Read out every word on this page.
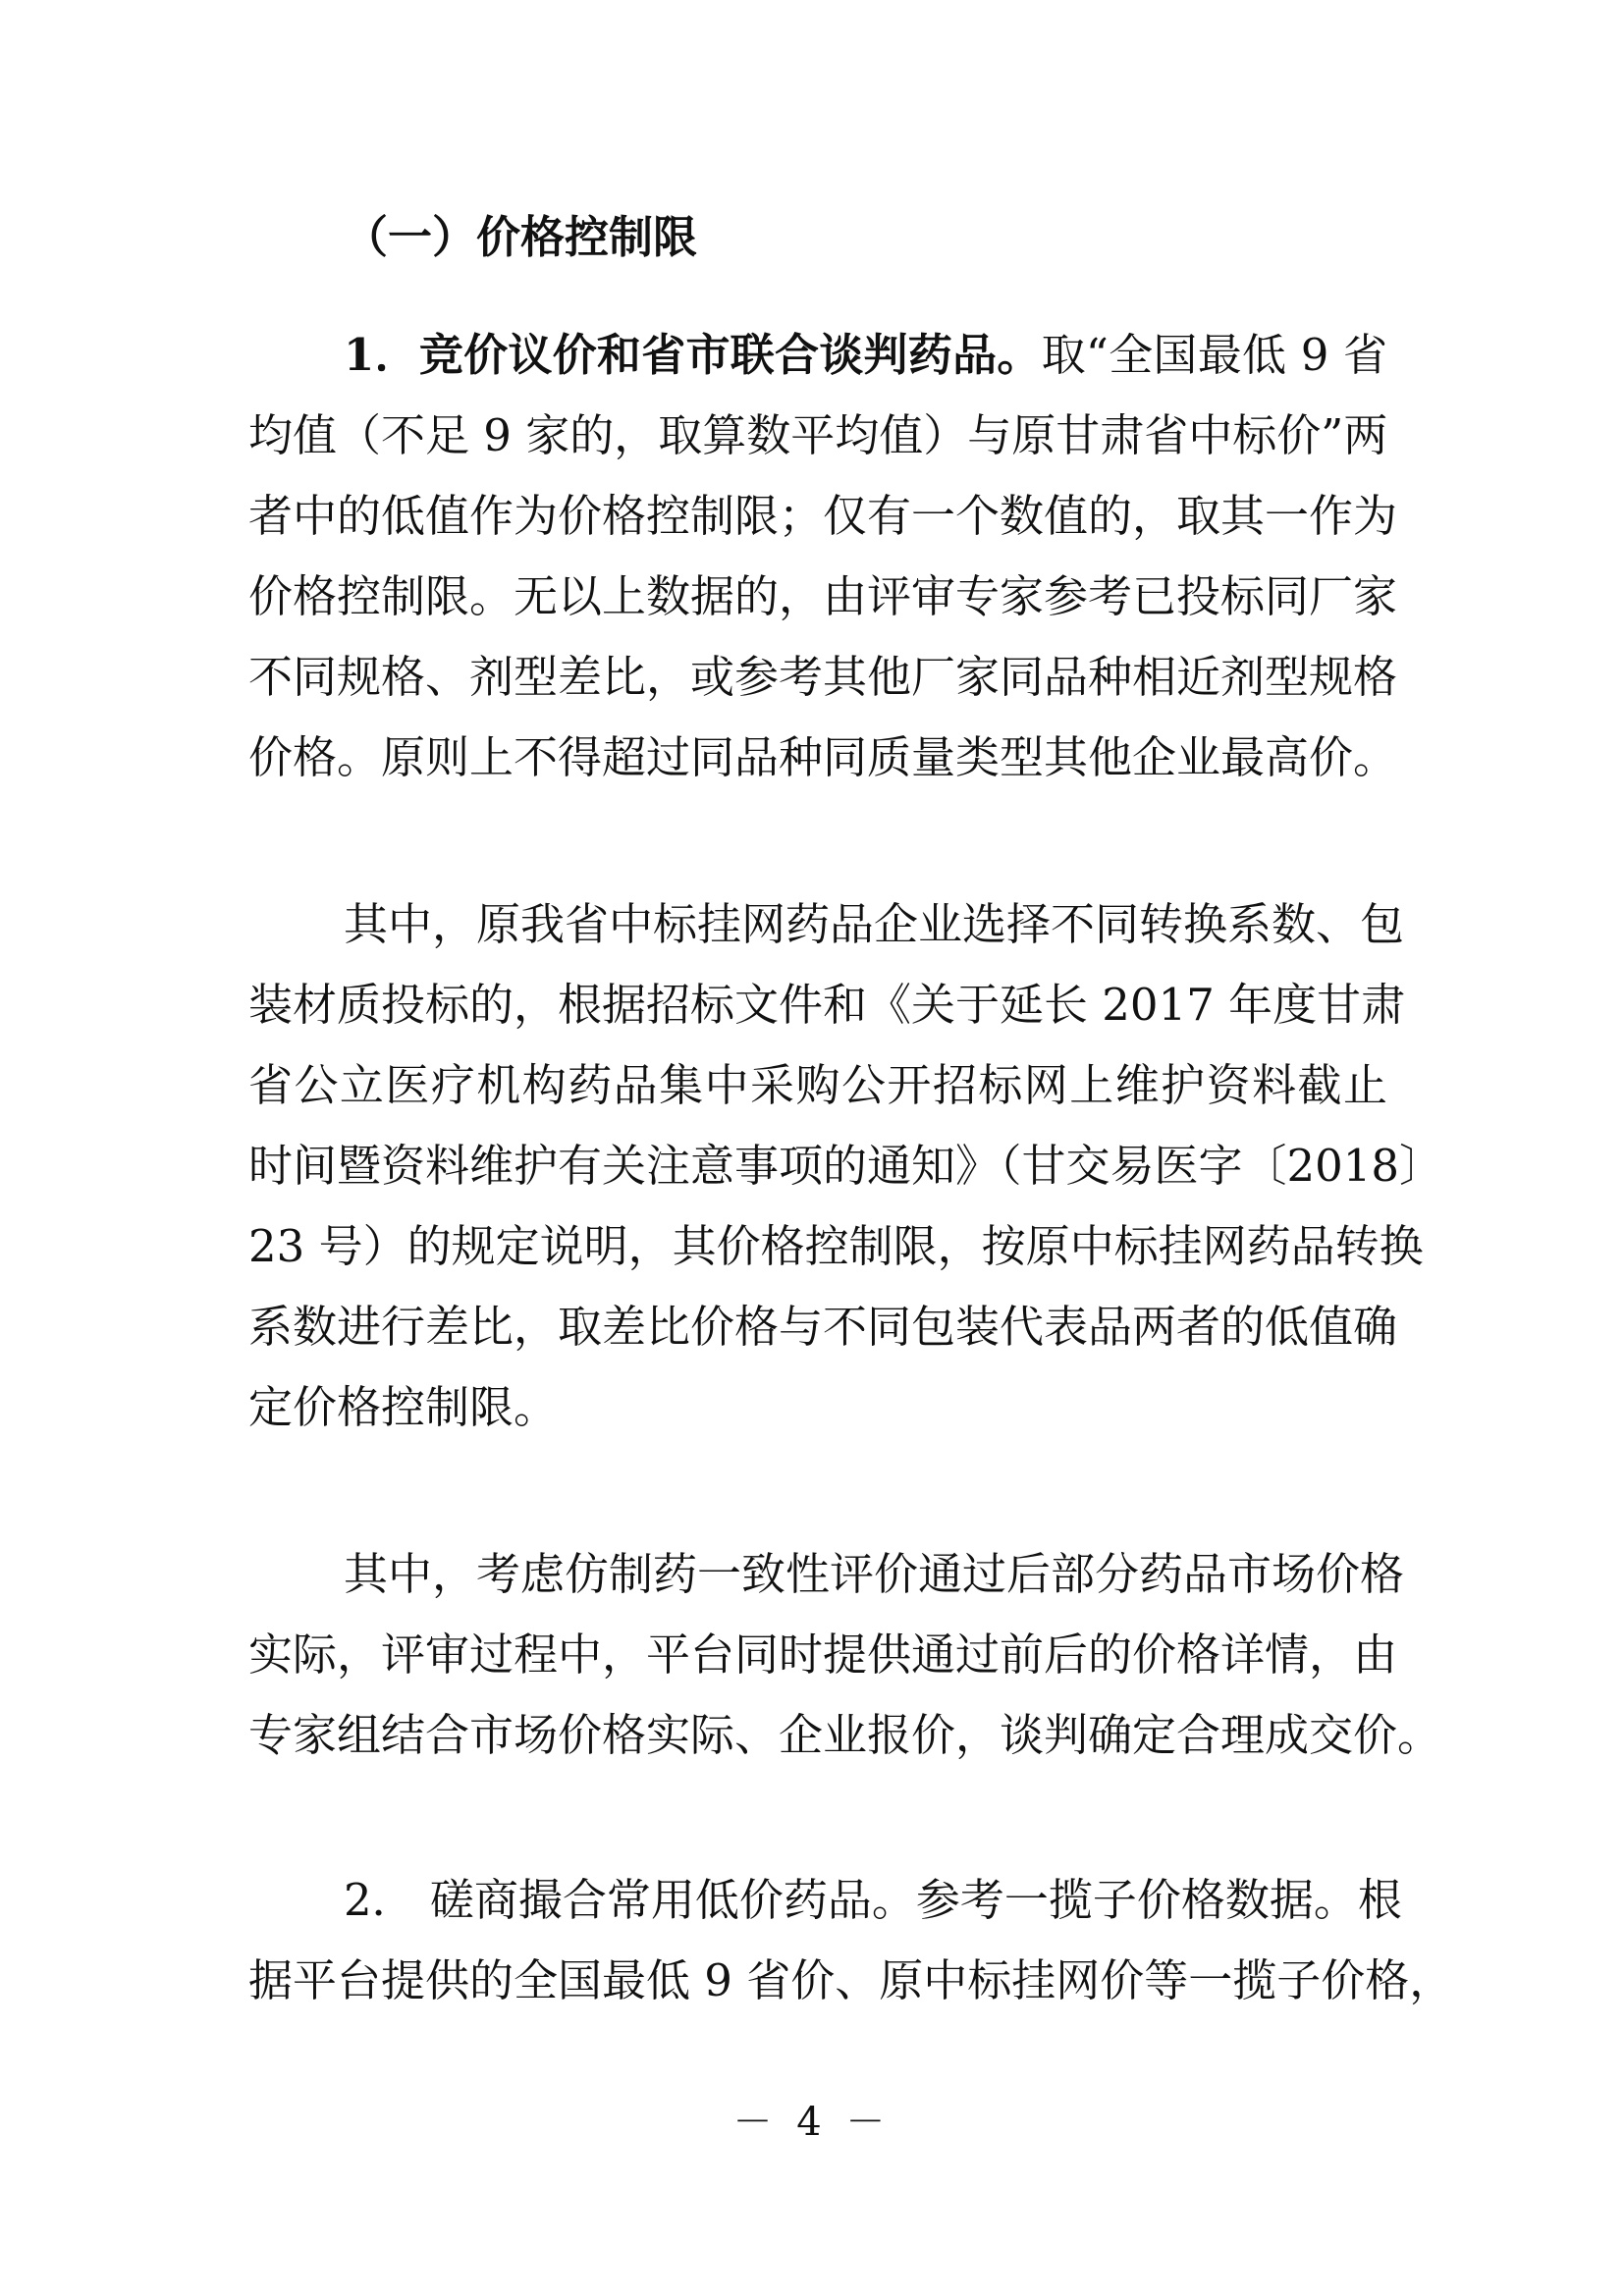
（一）价格控制限
1．竞价议价和省市联合谈判药品。取“全国最低 9 省
均值（不足 9 家的，取算数平均值）与原甘肃省中标价”两
者中的低值作为价格控制限；仅有一个数值的，取其一作为
价格控制限。无以上数据的，由评审专家参考已投标同厂家
不同规格、剂型差比，或参考其他厂家同品种相近剂型规格
价格。原则上不得超过同品种同质量类型其他企业最高价。
其中，原我省中标挂网药品企业选择不同转换系数、包
装材质投标的，根据招标文件和《关于延长 2017 年度甘肃
省公立医疗机构药品集中采购公开招标网上维护资料截止
时间暨资料维护有关注意事项的通知》（甘交易医字〔2018〕
23 号）的规定说明，其价格控制限，按原中标挂网药品转换
系数进行差比，取差比价格与不同包装代表品两者的低值确
定价格控制限。
其中，考虑仿制药一致性评价通过后部分药品市场价格
实际，评审过程中，平台同时提供通过前后的价格详情，由
专家组结合市场价格实际、企业报价，谈判确定合理成交价。
2． 磋商撮合常用低价药品。参考一揽子价格数据。根
据平台提供的全国最低 9 省价、原中标挂网价等一揽子价格，
－ 4 －
